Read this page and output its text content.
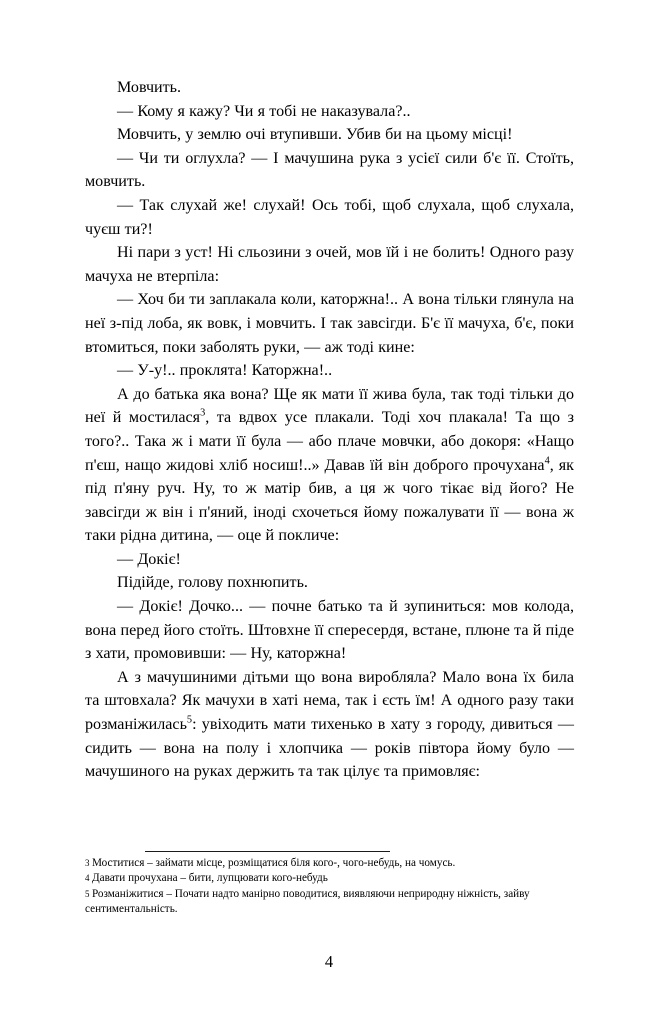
Мовчить.

— Кому я кажу? Чи я тобі не наказувала?..

Мовчить, у землю очі втупивши. Убив би на цьому місці!

— Чи ти оглухла? — І мачушина рука з усієї сили б'є її. Стоїть, мовчить.

— Так слухай же! слухай! Ось тобі, щоб слухала, щоб слухала, чуєш ти?!

Ні пари з уст! Ні сльозини з очей, мов їй і не болить! Одного разу мачуха не втерпіла:

— Хоч би ти заплакала коли, каторжна!.. А вона тільки глянула на неї з-під лоба, як вовк, і мовчить. І так завсігди. Б'є її мачуха, б'є, поки втомиться, поки заболять руки, — аж тоді кине:

— У-у!.. проклята! Каторжна!..

А до батька яка вона? Ще як мати її жива була, так тоді тільки до неї й мостилася$^3$, та вдвох усе плакали. Тоді хоч плакала! Та що з того?.. Така ж і мати її була — або плаче мовчки, або докоря: «Нащо п'єш, нащо жидові хліб носиш!..» Давав їй він доброго прочухана$^4$, як під п'яну руч. Ну, то ж матір бив, а ця ж чого тікає від його? Не завсігди ж він і п'яний, іноді схочеться йому пожалувати її — вона ж таки рідна дитина, — оце й покличе:

— Докіє!

Підійде, голову похнюпить.

— Докіє! Дочко... — почне батько та й зупиниться: мов колода, вона перед його стоїть. Штовхне її спересердя, встане, плюне та й піде з хати, промовивши: — Ну, каторжна!

А з мачушиними дітьми що вона виробляла? Мало вона їх била та штовхала? Як мачухи в хаті нема, так і єсть їм! А одного разу таки розманіжилась$^5$: увіходить мати тихенько в хату з городу, дивиться — сидить — вона на полу і хлопчика — років півтора йому було — мачушиного на руках держить та так цілує та примовляє:

3 Моститися – займати місце, розміщатися біля кого-, чого-небудь, на чомусь.

4 Давати прочухана – бити, лупцювати кого-небудь

5 Розманіжитися – Почати надто манірно поводитися, виявляючи неприродну ніжність, зайву сентиментальність.

4
